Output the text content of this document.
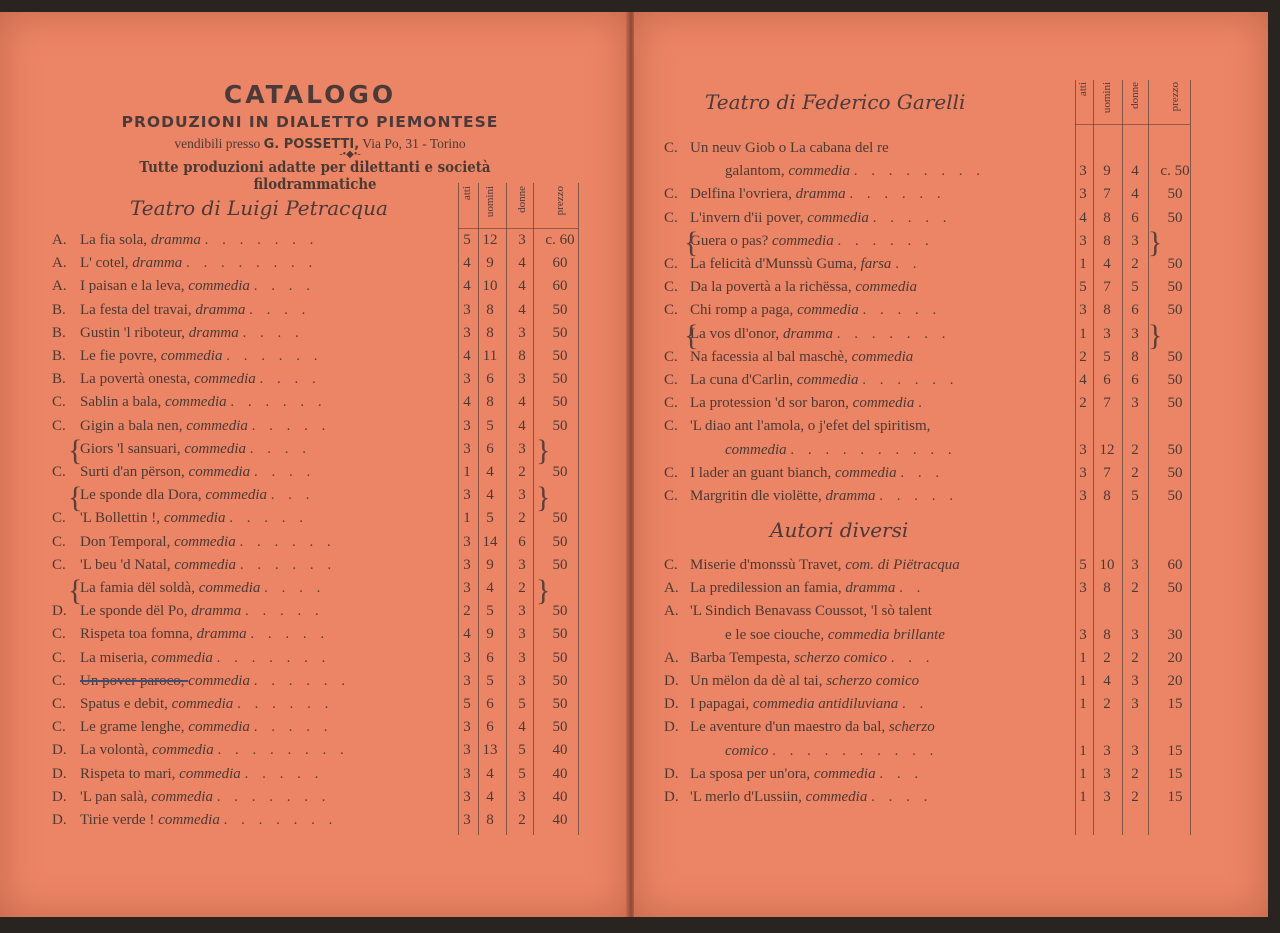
CATALOGO
PRODUZIONI IN DIALETTO PIEMONTESE
vendibili presso G. POSSETTI, Via Po, 31 - Torino
-•◆•-
Tutte produzioni adatte per dilettanti e società filodrammatiche
Teatro di Luigi Petracqua
Teatro di Federico Garelli
Autori diversi
atti uomini donne prezzo
atti uomini donne	prezzo
A. La fia sola, dramma . . . . . . .	5 12	3	c. 60
A. L' cotel, dramma . . . . . . . .	4	9	4	60
A. I paisan e la leva, commedia . . . .	4 10	4	60
B. La festa del travai, dramma . . . .	3	8	4	50
B. Gustin 'l riboteur, dramma . . . .	3	8	3	50
B. Le fie povre, commedia . . . . . .	4 11	8	50
B. La povertà onesta, commedia . . . .	3	6	3	50
C. Sablin a bala, commedia . . . . . .	4	8	4	50
C. Gigin a bala nen, commedia . . . . .	3	5	4	50
Giors 'l sansuari, commedia . . . .	3	6	3
C. Surti d'an përson, commedia . . . .	1	4	2	50
Le sponde dla Dora, commedia . . .	3	4	3
C. 'L Bollettin !, commedia . . . . .	1	5	2	50
C. Don Temporal, commedia . . . . . .	3 14	6	50
C. 'L beu 'd Natal, commedia . . . . . .	3	9	3	50
La famia dël soldà, commedia . . . .	3	4	2
D. Le sponde dël Po, dramma . . . . .	2	5	3	50
C. Rispeta toa fomna, dramma . . . . .	4	9	3	50
C. La miseria, commedia . . . . . . .	3	6	3	50
C. Un pover paroco, commedia . . . . . .	3	5	3	50
C. Spatus e debit, commedia . . . . . .	5	6	5	50
C. Le grame lenghe, commedia . . . . .	3	6	4	50
D. La volontà, commedia . . . . . . . .	3 13	5	40
D. Rispeta to mari, commedia . . . . .	3	4	5	40
D. 'L pan salà, commedia . . . . . . .	3	4	3	40
D. Tirie verde ! commedia . . . . . . .	3	8	2	40
{	}
{	}
{	}
C. Un neuv Giob o La cabana del re
galantom, commedia . . . . . . . .	3	9	4	c. 50
C. Delfina l'ovriera, dramma . . . . . .	3	7	4	50
C. L'invern d'ii pover, commedia . . . . .	4	8	6	50
Guera o pas? commedia . . . . . .	3	8	3
C. La felicità d'Munssù Guma, farsa . .	1	4	2	50
C. Da la povertà a la richëssa, commedia	5	7	5	50
C. Chi romp a paga, commedia . . . . .	3	8	6	50
La vos dl'onor, dramma . . . . . . .	1	3	3
C. Na facessia al bal maschè, commedia	2	5	8	50
C. La cuna d'Carlin, commedia . . . . . .	4	6	6	50
C. La protession 'd sor baron, commedia .	2	7	3	50
C. 'L diao ant l'amola, o j'efet del spiritism,
commedia . . . . . . . . . .	3 12	2	50
C. I lader an guant bianch, commedia . . .	3	7	2	50
C. Margritin dle violëtte, dramma . . . . .	3	8	5	50
C. Miserie d'monssù Travet, com. di Piëtracqua	5 10	3	60
A. La predilession an famia, dramma . .	3	8	2	50
A. 'L Sindich Benavass Coussot, 'l sò talent
e le soe ciouche, commedia brillante	3	8	3	30
A. Barba Tempesta, scherzo comico . . .	1	2	2	20
D. Un mëlon da dè al tai, scherzo comico	1	4	3	20
D. I papagai, commedia antidiluviana . .	1	2	3	15
D. Le aventure d'un maestro da bal, scherzo
comico . . . . . . . . . .	1	3	3	15
D. La sposa per un'ora, commedia . . .	1	3	2	15
D. 'L merlo d'Lussiin, commedia . . . .	1	3	2	15
{	}
{	}
